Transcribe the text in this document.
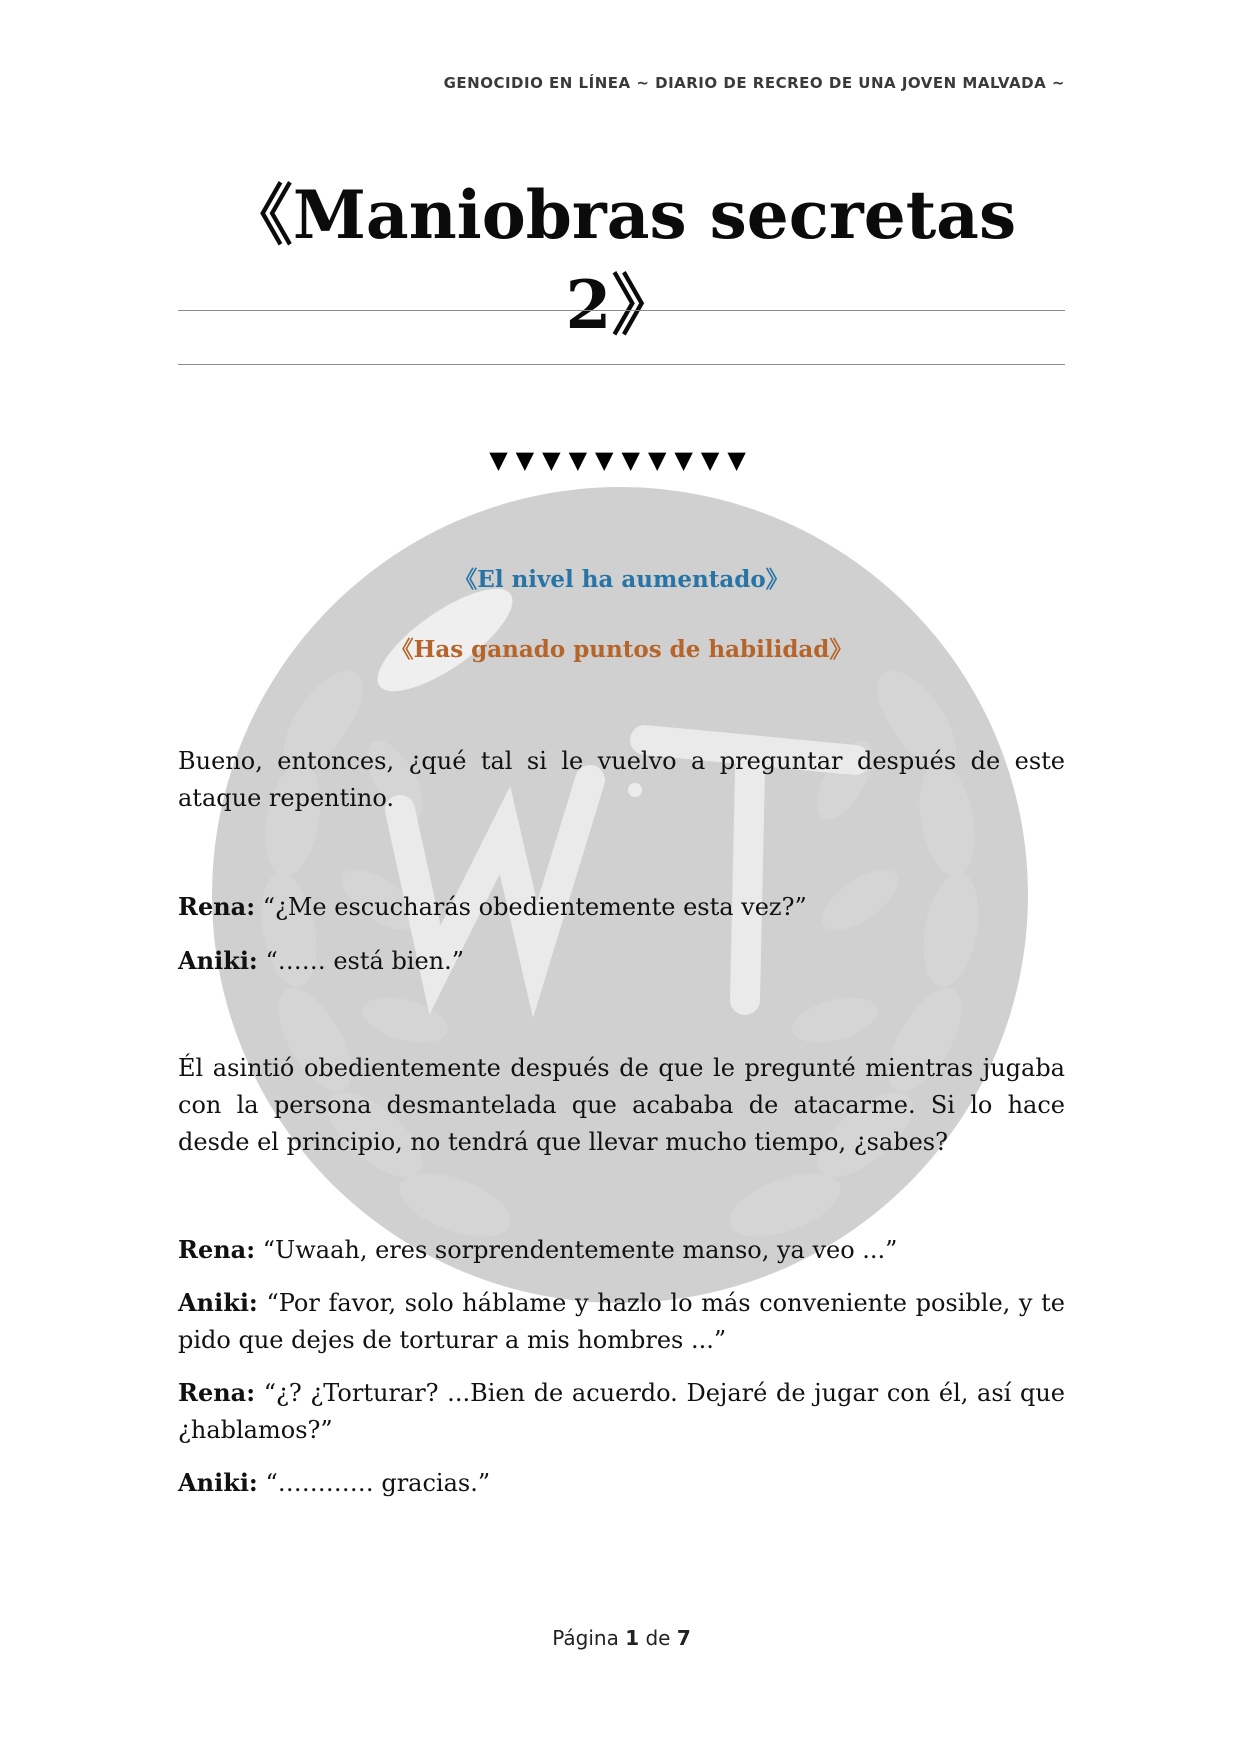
GENOCIDIO EN LÍNEA ~ DIARIO DE RECREO DE UNA JOVEN MALVADA ~
《Maniobras secretas 2》
▼▼▼▼▼▼▼▼▼▼
《El nivel ha aumentado》
《Has ganado puntos de habilidad》

Bueno, entonces, ¿qué tal si le vuelvo a preguntar después de este ataque repentino.

Rena: “¿Me escucharás obedientemente esta vez?”

Aniki: “…… está bien.”

Él asintió obedientemente después de que le pregunté mientras jugaba con la persona desmantelada que acababa de atacarme. Si lo hace desde el principio, no tendrá que llevar mucho tiempo, ¿sabes?

Rena: “Uwaah, eres sorprendentemente manso, ya veo ...”

Aniki: “Por favor, solo háblame y hazlo lo más conveniente posible, y te pido que dejes de torturar a mis hombres ...”

Rena: “¿? ¿Torturar? ...Bien de acuerdo. Dejaré de jugar con él, así que ¿hablamos?”

Aniki: “………… gracias.”

Página 1 de 7
